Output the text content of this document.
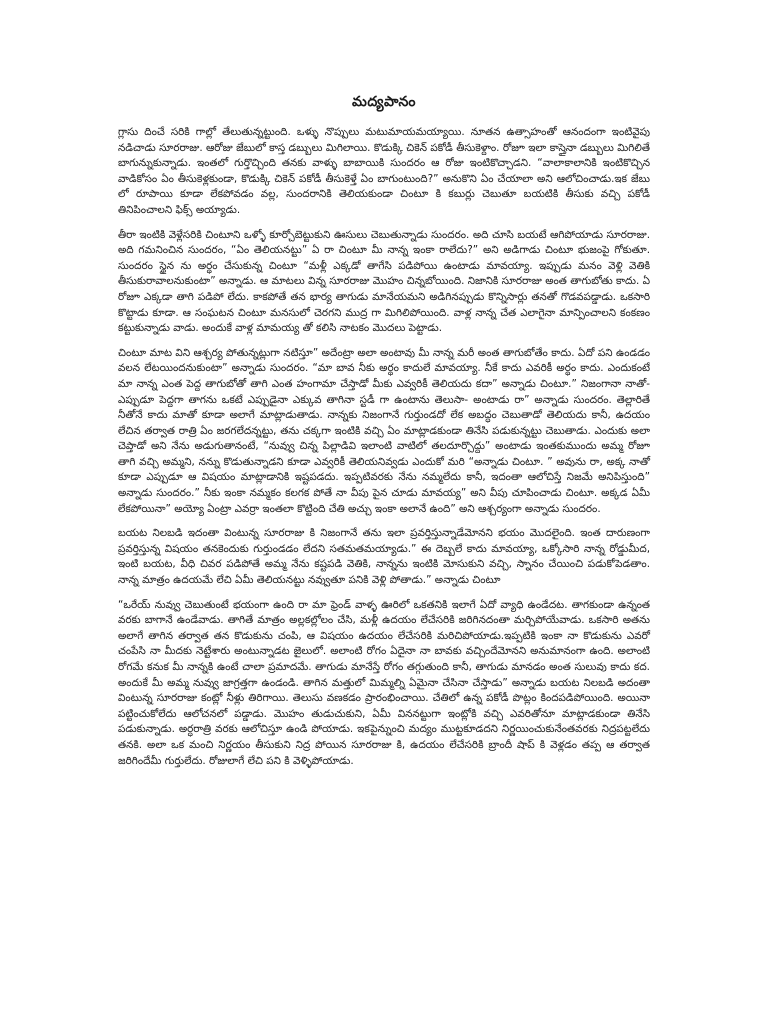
మద్యపానం

గ్లాసు దించే సరికి గాల్లో తేలుతున్నట్టుంది. ఒళ్ళు నొప్పులు మటుమాయమయ్యాయి. నూతన ఉత్సాహంతో ఆనందంగా ఇంటివైపు నడిచాడు సూరరాజు. ఆరోజు జేబులో కాస్త డబ్బులు మిగిలాయి. కొడుక్కి చికెన్ పకోడీ తీసుకెళ్దాం. రోజూ ఇలా కాస్తైనా డబ్బులు మిగిలితే బాగున్నుకున్నాడు. ఇంతలో గుర్తొచ్చింది తనకు వాళ్ళు బాబాయికి సుందరం ఆ రోజు ఇంటికొచ్చాడని. “వాలాకాలానికి ఇంటికొచ్చిన వాడికోసం ఏం తీసుకెళ్లకుండా, కొడుక్కి చికెన్ పకోడీ తీసుకెళ్తే ఏం బాగుంటుంది?” అనుకొని ఏం చేయాలా అని ఆలోచించాడు.ఇక జేబు లో రూపాయి కూడా లేకపోవడం వల్ల, సుందరానికి తెలియకుండా చింటూ కి కబుర్లు చెబుతూ బయటికి తీసుకు వచ్చి పకోడీ తినిపించాలని ఫిక్స్ అయ్యాడు.

తీరా ఇంటికి వెళ్లేసరికి చింటూని ఒళ్ళో కూర్చోబెట్టుకుని ఊసులు చెబుతున్నాడు సుందరం. అది చూసి బయటే ఆగిపోయాడు సూరరాజు. అది గమనించిన సుందరం, “ఏం తెలియనట్టు” ఏ రా చింటూ మీ నాన్న ఇంకా రాలేదు?” అని అడిగాడు చింటూ భుజంపై గోకుతూ. సుందరం స్థైన ను అర్థం చేసుకున్న చింటూ “మళ్లీ ఎక్కడో తాగేసి పడిపోయి ఉంటాడు మావయ్యా. ఇప్పుడు మనం వెళ్లి వెతికి తీసుకురావాలనుకుంటా” అన్నాడు. ఆ మాటలు విన్న సూరరాజు మొహం చిన్నబోయింది. నిజానికి సూరరాజు అంత తాగుబోతు కాదు. ఏ రోజూ ఎక్కడా తాగి పడిపో లేదు. కాకపోతే తన భార్య తాగుడు మానేయమని అడిగినప్పుడు కొన్నిసార్లు తనతో గొడవపడ్డాడు. ఒకసారి కొట్టాడు కూడా. ఆ సంఘటన చింటూ మనసులో చెరగని ముద్ర గా మిగిలిపోయింది. వాళ్ల నాన్న చేత ఎలాగైనా మాన్పించాలని కంకణం కట్టుకున్నాడు వాడు. అందుకే వాళ్ల మామయ్య తో కలిసి నాటకం మొదలు పెట్టాడు.

చింటూ మాట విని ఆశ్చర్య పోతున్నట్లుగా నటిస్తూ” అదేంట్రా అలా అంటావు మీ నాన్న మరీ అంత తాగుబోతేం కాదు. ఏదో పని ఉండడం వలన లేటయిందనుకుంటా” అన్నాడు సుందరం. “మా బావ నీకు అర్థం కాదులే మావయ్యా. నీకే కాదు ఎవరికీ అర్థం కాదు. ఎందుకంటే మా నాన్న ఎంత పెద్ద తాగుబోతో తాగి ఎంత హంగామా చేస్తాడో మీకు ఎవ్వరికీ తెలియదు కదా” అన్నాడు చింటూ.” నిజంగానా నాతో-ఎప్పుడూ పెద్దగా తాగను ఒకటే ఎప్పుడైనా ఎక్కువ తాగినా స్టడీ గా ఉంటాను తెలుసా- అంటాడు రా” అన్నాడు సుందరం. తెల్లారితే నీతోనే కాదు మాతో కూడా అలాగే మాట్లాడుతాడు. నాన్నకు నిజంగానే గుర్తుండదో లేక అబద్ధం చెబుతాడో తెలియదు కానీ, ఉదయం లేచిన తర్వాత రాత్రి ఏం జరగలేదన్నట్టు, తను చక్కగా ఇంటికి వచ్చి ఏం మాట్లాడకుండా తినేసి పడుకున్నట్టు చెబుతాడు. ఎందుకు అలా చెప్తాడో అని నేను అడుగుతానంటే, “నువ్వు చిన్న పిల్లాడివి ఇలాంటి వాటిలో తలదూర్చొద్దు” అంటాడు ఇంతకుముందు అమ్మ రోజూ తాగి వచ్చి అమ్మని, నన్ను కొడుతున్నాడని కూడా ఎవ్వరికీ తెలియనివ్వడు ఎందుకో మరి “అన్నాడు చింటూ. ” అవును రా, అక్క నాతో కూడా ఎప్పుడూ ఆ విషయం మాట్లాడానికి ఇష్టపడదు. ఇప్పటివరకు నేను నమ్మలేదు కానీ, ఇదంతా ఆలోచిస్తే నిజమే అనిపిస్తుంది” అన్నాడు సుందరం.” నీకు ఇంకా నమ్మకం కలగక పోతే నా వీపు పైన చూడు మావయ్య” అని వీపు చూపించాడు చింటూ. అక్కడ ఏమీ లేకపోయినా” అయ్యో ఏంట్రా ఎవర్రా ఇంతలా కొట్టింది చేతి అచ్చు ఇంకా అలానే ఉంది” అని ఆశ్చర్యంగా అన్నాడు సుందరం.

బయట నిలబడి ఇదంతా వింటున్న సూరరాజు కి నిజంగానే తను ఇలా ప్రవర్తిస్తున్నాడేమోనని భయం మొదలైంది. ఇంత దారుణంగా ప్రవర్తిస్తున్న విషయం తనకెందుకు గుర్తుండడం లేదని సతమతమయ్యాడు.” ఈ దెబ్బలే కాదు మావయ్యా, ఒక్కోసారి నాన్న రోడ్డుమీద, ఇంటి బయట, వీధి చివర పడిపోతే అమ్మ నేను కష్టపడి వెతికి, నాన్నను ఇంటికి మోసుకుని వచ్చి, స్నానం చేయించి పడుకోపెడతాం. నాన్న మాత్రం ఉదయమే లేచి ఏమీ తెలియనట్టు నవ్వుతూ పనికి వెళ్లి పోతాడు.” అన్నాడు చింటూ

“ఒరేయ్ నువ్వు చెబుతుంటే భయంగా ఉంది రా మా ఫ్రెండ్ వాళ్ళ ఊరిలో ఒకతనికి ఇలాగే ఏదో వ్యాధి ఉండేదట. తాగకుండా ఉన్నంత వరకు బాగానే ఉండేవాడు. తాగితే మాత్రం అల్లకల్లోలం చేసి, మళ్లీ ఉదయం లేచేసరికి జరిగినదంతా మర్చిపోయేవాడు. ఒకసారి అతను అలాగే తాగిన తర్వాత తన కొడుకును చంపి, ఆ విషయం ఉదయం లేచేసరికి మరిచిపోయాడు.ఇప్పటికి ఇంకా నా కొడుకును ఎవరో చంపేసి నా మీదకు నెట్టేశారు అంటున్నాడట జైలులో. అలాంటి రోగం ఏదైనా నా బావకు వచ్చిందేమోనని అనుమానంగా ఉంది. అలాంటి రోగమే కనుక మీ నాన్నకి ఉంటే చాలా ప్రమాదమే. తాగుడు మానేస్తే రోగం తగ్గుతుంది కానీ, తాగుడు మానడం అంత సులువు కాదు కద. అందుకే మీ అమ్మ నువ్వు జాగ్రత్తగా ఉండండి. తాగిన మత్తులో మిమ్మల్ని ఏమైనా చేసినా చేస్తాడు” అన్నాడు బయట నిలబడి అదంతా వింటున్న సూరరాజు కంట్లో నీళ్లు తిరిగాయి. తెలుసు వణకడం ప్రారంభించాయి. చేతిలో ఉన్న పకోడీ పొట్లం కిందపడిపోయింది. అయినా పట్టించుకోలేదు ఆలోచనలో పడ్డాడు. మొహం తుడుచుకుని, ఏమీ విననట్టుగా ఇంట్లోకి వచ్చి ఎవరితోనూ మాట్లాడకుండా తినేసి పడుకున్నాడు. అర్ధరాత్రి వరకు ఆలోచిస్తూ ఉండి పోయాడు. ఇకపైన్నుంచి మద్యం ముట్టకూడదని నిర్ణయించుకునేంతవరకు నిద్రపట్టలేదు తనకి. అలా ఒక మంచి నిర్ణయం తీసుకుని నిద్ర పోయిన సూరరాజు కి, ఉదయం లేచేసరికి బ్రాందీ షాప్ కి వెళ్లడం తప్ప ఆ తర్వాత జరిగిందేమీ గుర్తులేదు. రోజులాగే లేచి పని కి వెళ్ళిపోయాడు.
